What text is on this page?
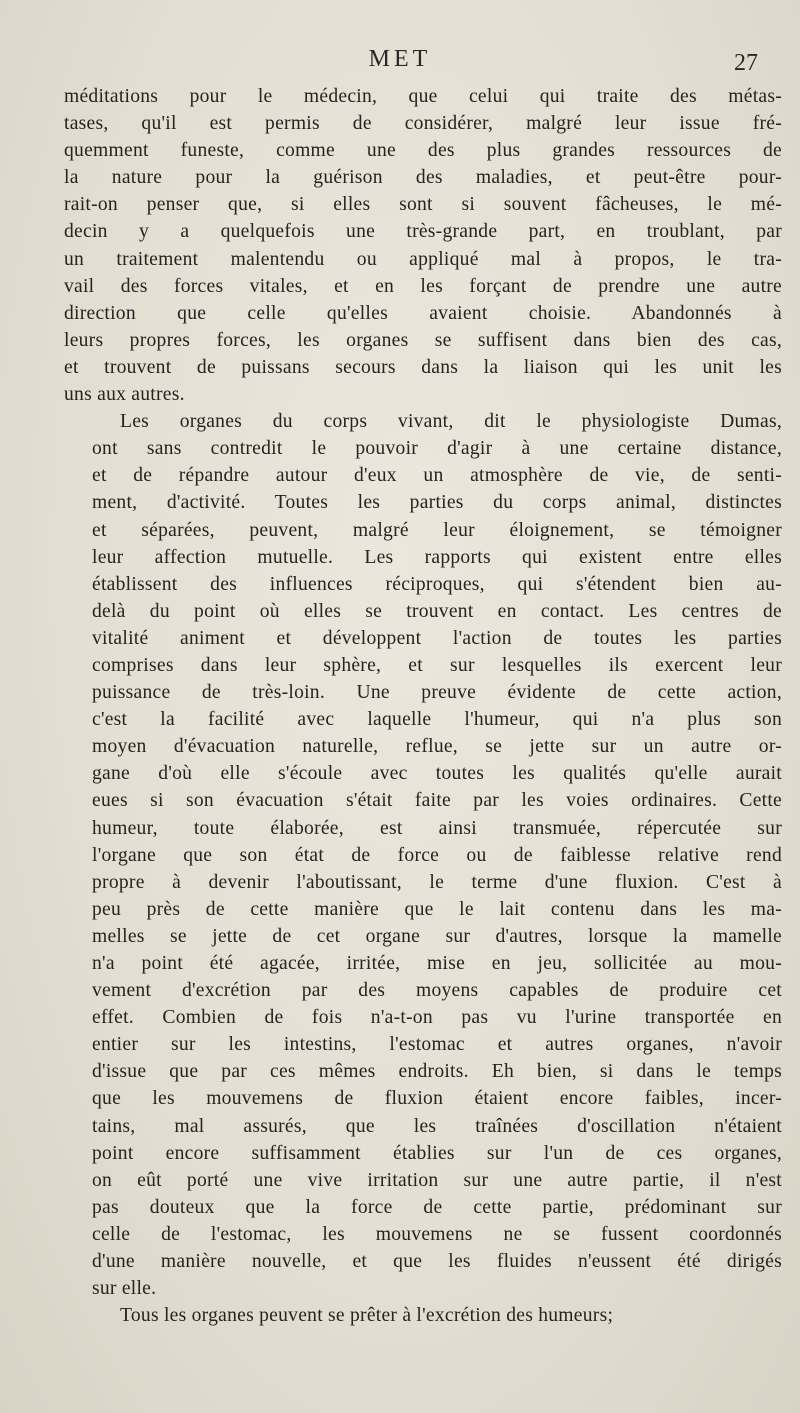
MET	27
méditations pour le médecin, que celui qui traite des métas-
tases, qu'il est permis de considérer, malgré leur issue fré-
quemment funeste, comme une des plus grandes ressources de
la nature pour la guérison des maladies, et peut-être pour-
rait-on penser que, si elles sont si souvent fâcheuses, le mé-
decin y a quelquefois une très-grande part, en troublant, par
un traitement malentendu ou appliqué mal à propos, le tra-
vail des forces vitales, et en les forçant de prendre une autre
direction que celle qu'elles avaient choisie. Abandonnés à
leurs propres forces, les organes se suffisent dans bien des cas,
et trouvent de puissans secours dans la liaison qui les unit les
uns aux autres.
Les organes du corps vivant, dit le physiologiste Dumas,
ont sans contredit le pouvoir d'agir à une certaine distance,
et de répandre autour d'eux un atmosphère de vie, de senti-
ment, d'activité. Toutes les parties du corps animal, distinctes
et séparées, peuvent, malgré leur éloignement, se témoigner
leur affection mutuelle. Les rapports qui existent entre elles
établissent des influences réciproques, qui s'étendent bien au-
delà du point où elles se trouvent en contact. Les centres de
vitalité animent et développent l'action de toutes les parties
comprises dans leur sphère, et sur lesquelles ils exercent leur
puissance de très-loin. Une preuve évidente de cette action,
c'est la facilité avec laquelle l'humeur, qui n'a plus son
moyen d'évacuation naturelle, reflue, se jette sur un autre or-
gane d'où elle s'écoule avec toutes les qualités qu'elle aurait
eues si son évacuation s'était faite par les voies ordinaires. Cette
humeur, toute élaborée, est ainsi transmuée, répercutée sur
l'organe que son état de force ou de faiblesse relative rend
propre à devenir l'aboutissant, le terme d'une fluxion. C'est à
peu près de cette manière que le lait contenu dans les ma-
melles se jette de cet organe sur d'autres, lorsque la mamelle
n'a point été agacée, irritée, mise en jeu, sollicitée au mou-
vement d'excrétion par des moyens capables de produire cet
effet. Combien de fois n'a-t-on pas vu l'urine transportée en
entier sur les intestins, l'estomac et autres organes, n'avoir
d'issue que par ces mêmes endroits. Eh bien, si dans le temps
que les mouvemens de fluxion étaient encore faibles, incer-
tains, mal assurés, que les traînées d'oscillation n'étaient
point encore suffisamment établies sur l'un de ces organes,
on eût porté une vive irritation sur une autre partie, il n'est
pas douteux que la force de cette partie, prédominant sur
celle de l'estomac, les mouvemens ne se fussent coordonnés
d'une manière nouvelle, et que les fluides n'eussent été dirigés
sur elle.
Tous les organes peuvent se prêter à l'excrétion des humeurs;
